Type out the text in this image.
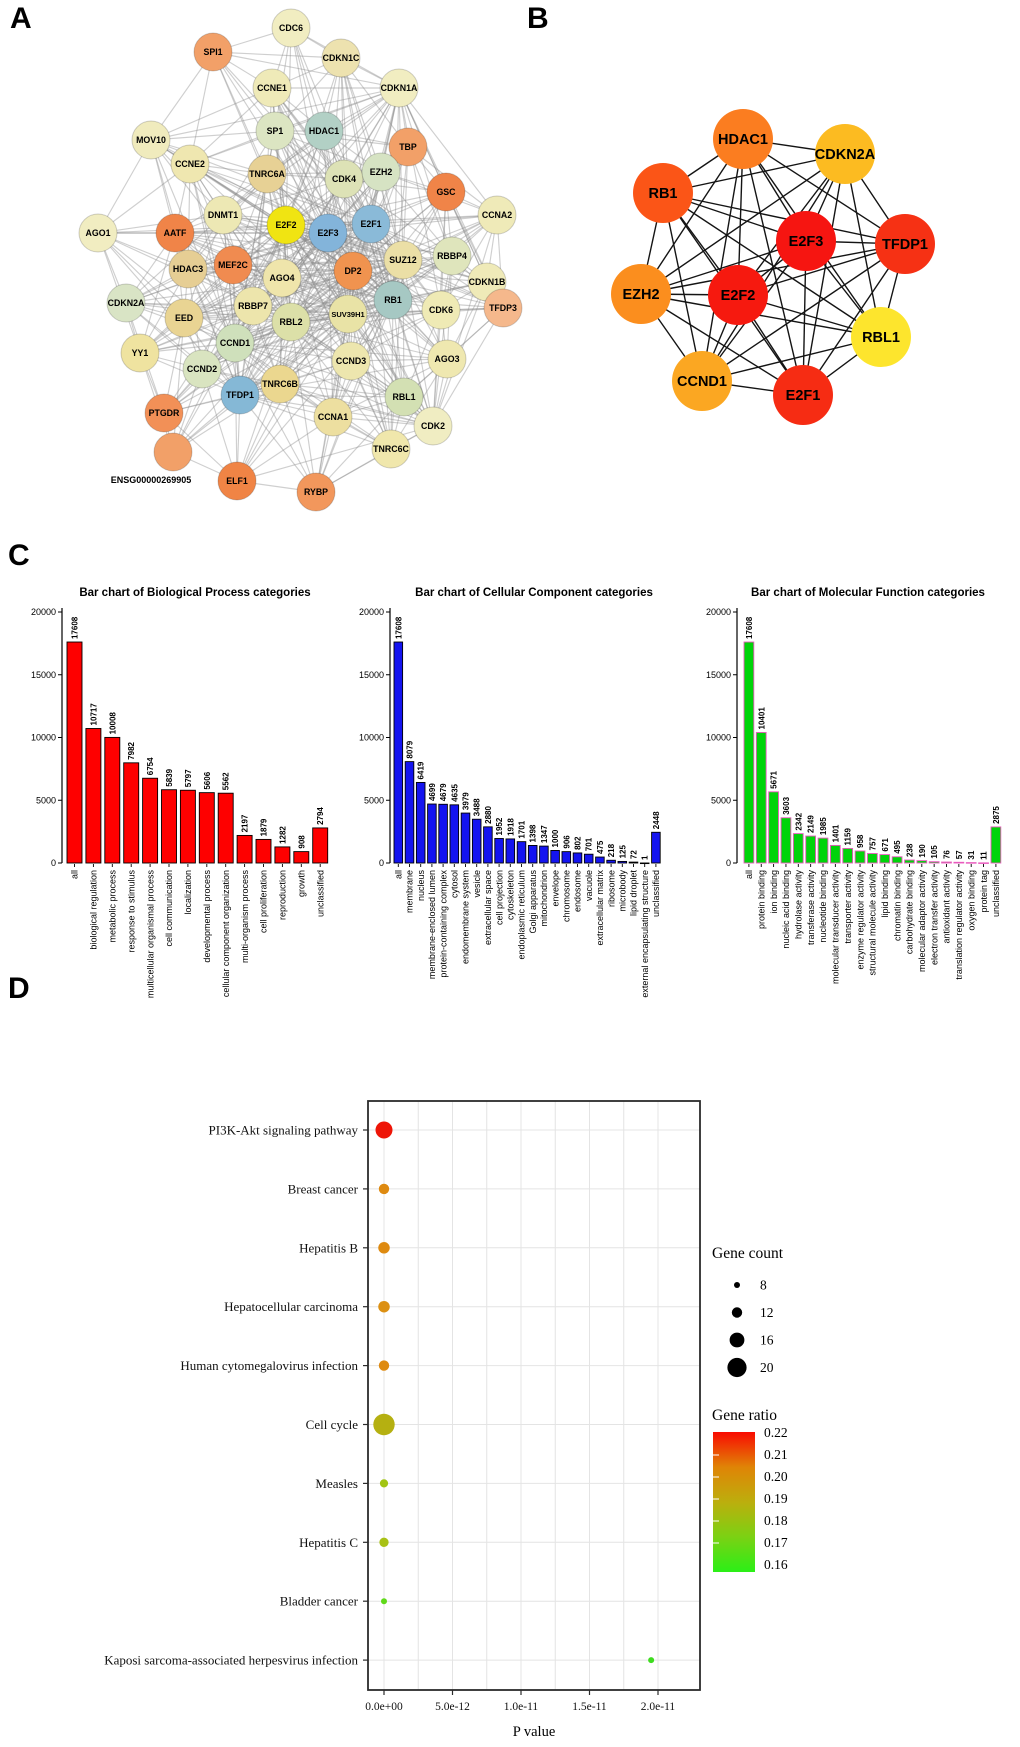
A	B
C
D
CDC6
SPI1
CDKN1C
CCNE1	CDKN1A
MOV10
SP1	HDAC1
TBP
CCNE2
TNRC6A	CDK4
EZH2
GSC
CCNA2
AGO1	AATF
DNMT1
E2F2
E2F3
E2F1
HDAC3 MEF2C
AGO4
DP2
SUZ12 RBBP4
CDKN2A
EED
RBBP7
RBL2
SUV39H1
RB1
CDK6
CDKN1B
TFDP3
YY1
CCND1
CCND2
CCND3	AGO3
TFDP1
TNRC6B
RBL1
PTGDR	CCNA1
CDK2
TNRC6C
ELF1
RYBP
ENSG00000269905
HDAC1
CDKN2A
RB1
E2F3	TFDP1
EZH2	E2F2
RBL1
CCND1
E2F1
Bar chart of Biological Process categories
0
5000
10000
15000
20000
17608
all
10717
biological regulation
10008
metabolic process
7982
response to stimulus
6754
multicellular organismal process
5839
cell communication
5797
localization
5606
developmental process
5562
cellular component organization
2197
multi-organism process
1879
cell proliferation
1282
reproduction
908
growth
2794
unclassified
Bar chart of Cellular Component categories
0
5000
10000
15000
20000
17608
all
8079
membrane
6419
nucleus
4699
membrane-enclosed lumen
4679
protein-containing complex
4635
cytosol
3979
endomembrane system
3488
vesicle
2880
extracellular space
1952
cell projection
1918
cytoskeleton
1701
endoplasmic reticulum
1398
Golgi apparatus
1347
mitochondrion
1000
envelope
906
chromosome
802
endosome
701
vacuole
475
extracellular matrix
218
ribosome
125
microbody
72
lipid droplet
1
external encapsulating structure
2448
unclassified
Bar chart of Molecular Function categories
0
5000
10000
15000
20000
17608
all
10401
protein binding
5671
ion binding
3603
nucleic acid binding
2342
hydrolase activity
2149
transferase activity
1985
nucleotide binding
1401
molecular transducer activity
1159
transporter activity
958
enzyme regulator activity
757
structural molecule activity
671
lipid binding
495
chromatin binding
238
carbohydrate binding
190
molecular adaptor activity
105
electron transfer activity
76
antioxidant activity
57
translation regulator activity
31
oxygen binding
11
protein tag
2875
unclassified
PI3K-Akt signaling pathway
Breast cancer
Hepatitis B
Hepatocellular carcinoma
Human cytomegalovirus infection
Cell cycle
Measles
Hepatitis C
Bladder cancer
Kaposi sarcoma-associated herpesvirus infection
0.0e+00	5.0e-12	1.0e-11	1.5e-11	2.0e-11
P value
Gene count
8
12
16
20
Gene ratio
0.22
0.21
0.20
0.19
0.18
0.17
0.16
